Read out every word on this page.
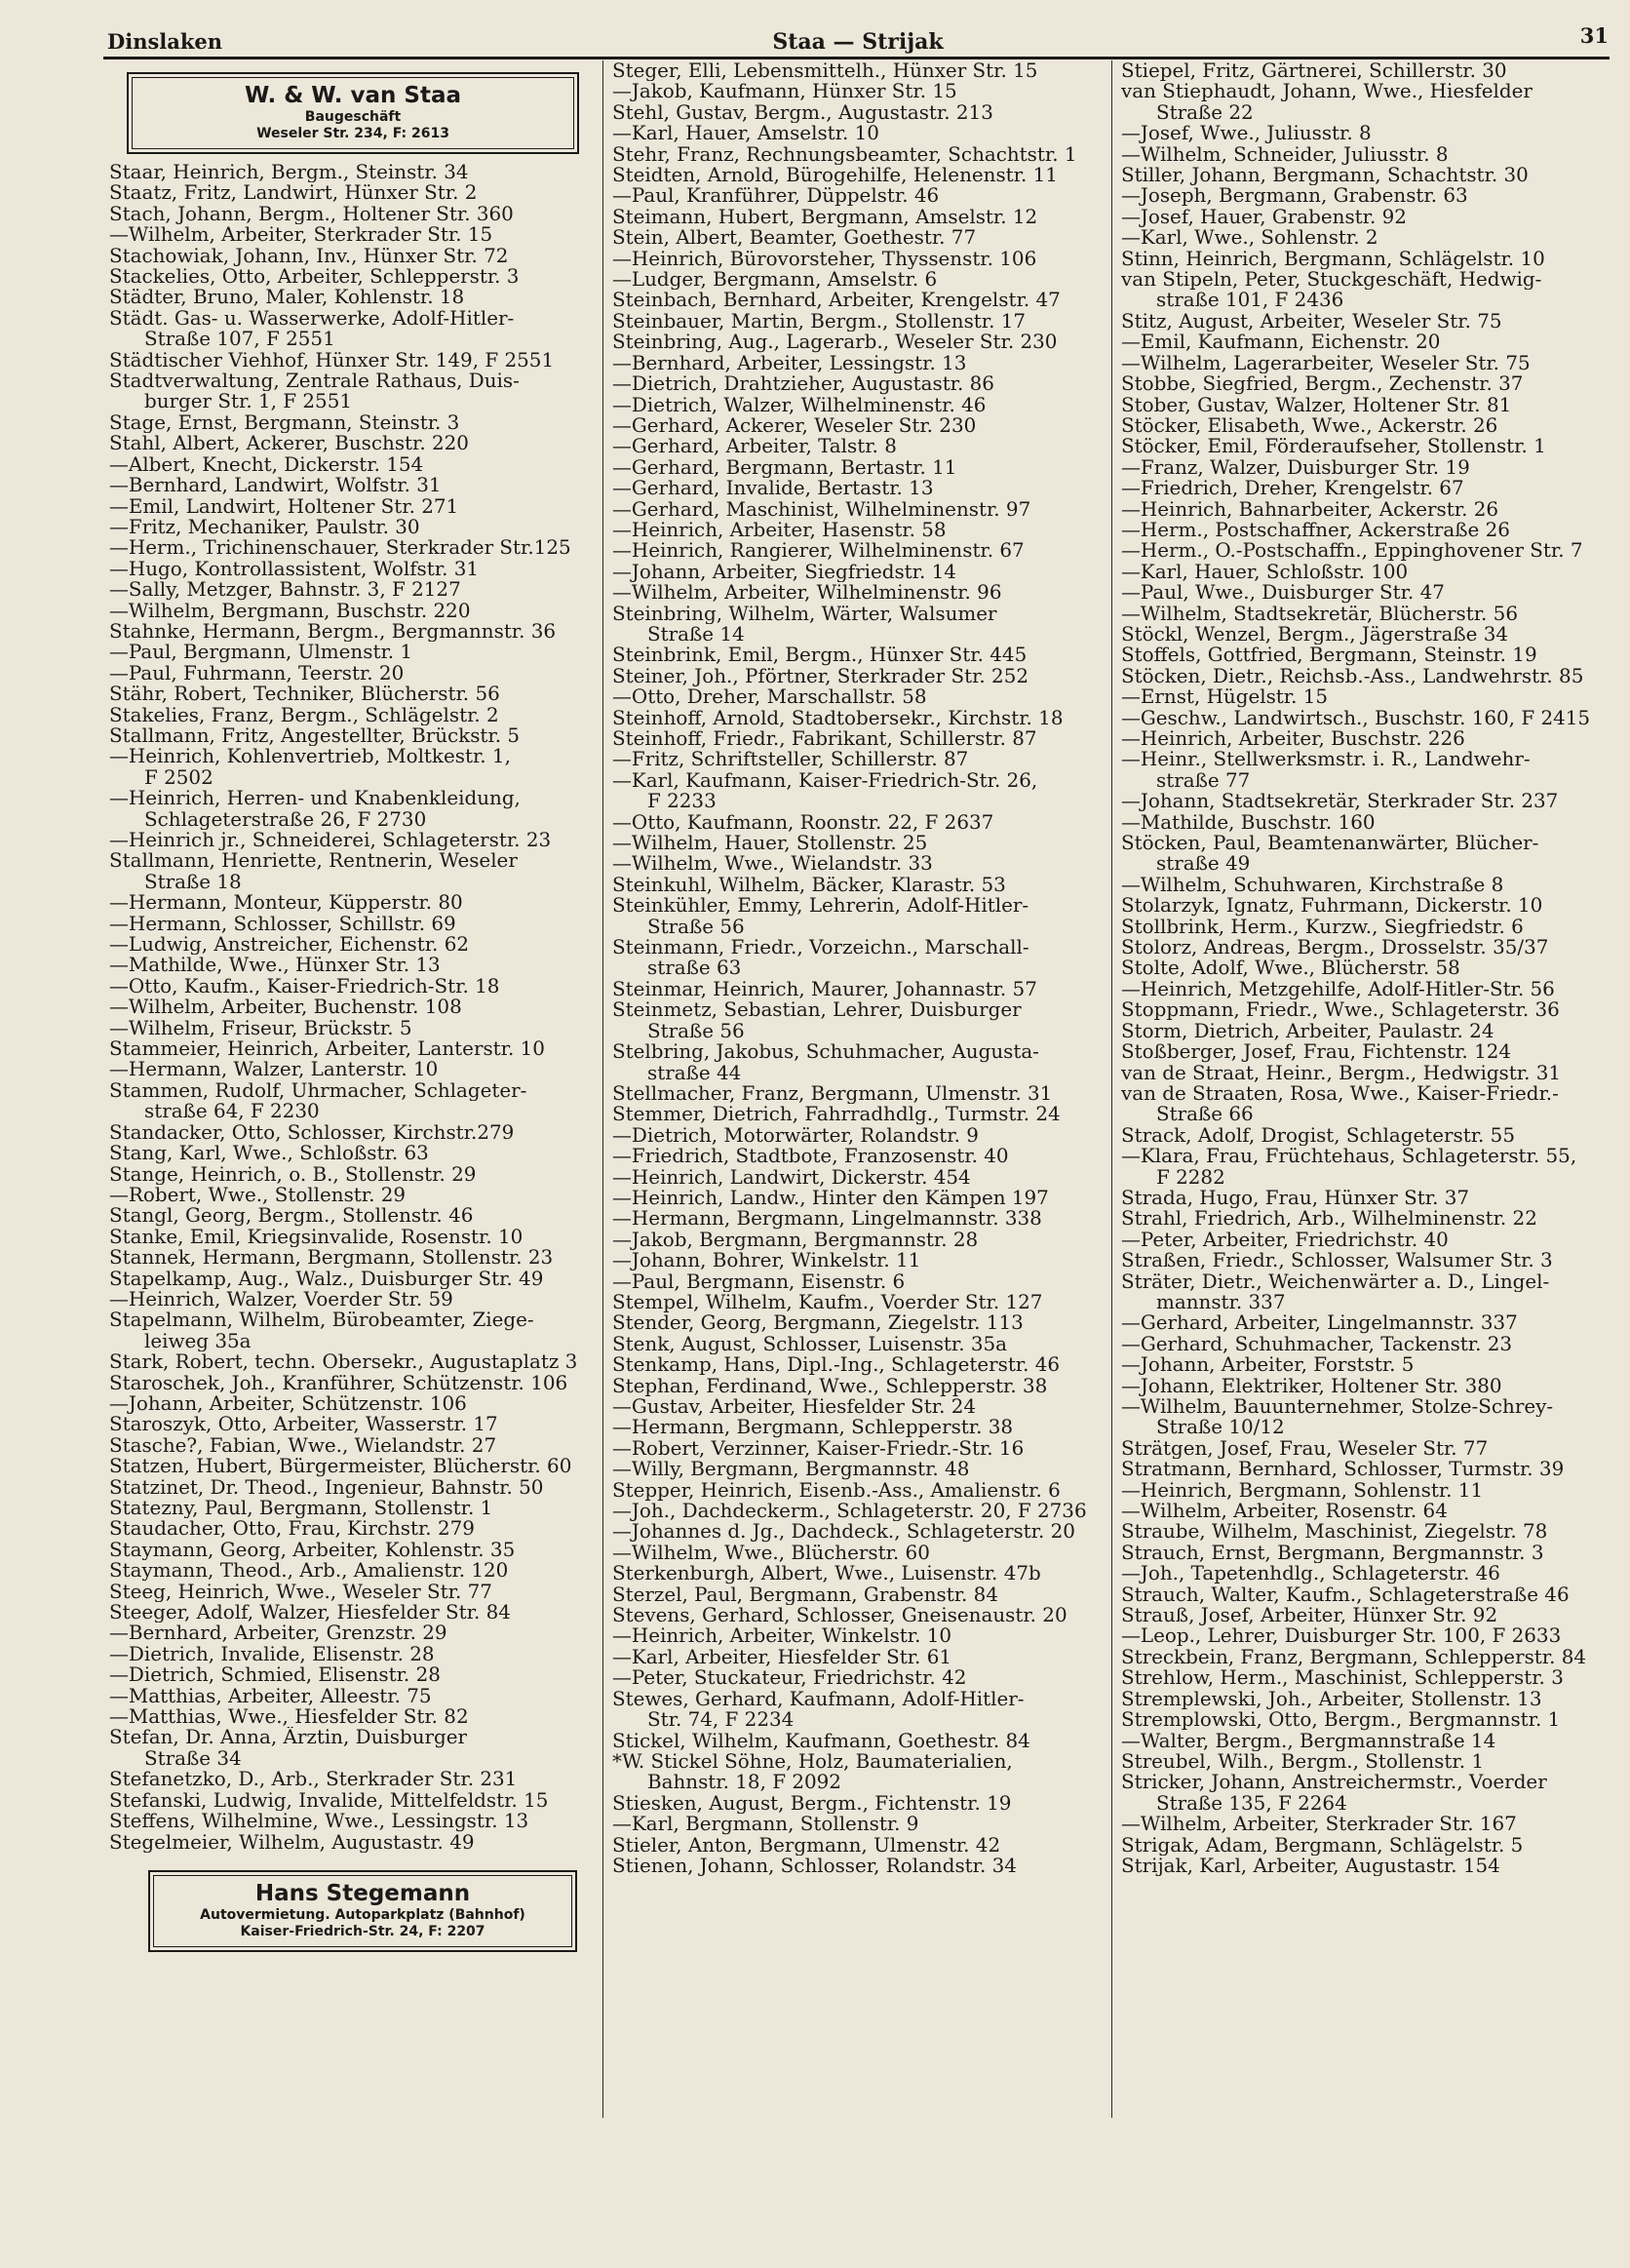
Dinslaken	Staa — Strijak	31
W. & W. van Staa
Baugeschäft
Weseler Str. 234, F: 2613
Staar, Heinrich, Bergm., Steinstr. 34
Staatz, Fritz, Landwirt, Hünxer Str. 2
Stach, Johann, Bergm., Holtener Str. 360
—Wilhelm, Arbeiter, Sterkrader Str. 15
Stachowiak, Johann, Inv., Hünxer Str. 72
Stackelies, Otto, Arbeiter, Schlepperstr. 3
Städter, Bruno, Maler, Kohlenstr. 18
Städt. Gas- u. Wasserwerke, Adolf-Hitler-
Straße 107, F 2551
Städtischer Viehhof, Hünxer Str. 149, F 2551
Stadtverwaltung, Zentrale Rathaus, Duis-
burger Str. 1, F 2551
Stage, Ernst, Bergmann, Steinstr. 3
Stahl, Albert, Ackerer, Buschstr. 220
—Albert, Knecht, Dickerstr. 154
—Bernhard, Landwirt, Wolfstr. 31
—Emil, Landwirt, Holtener Str. 271
—Fritz, Mechaniker, Paulstr. 30
—Herm., Trichinenschauer, Sterkrader Str.125
—Hugo, Kontrollassistent, Wolfstr. 31
—Sally, Metzger, Bahnstr. 3, F 2127
—Wilhelm, Bergmann, Buschstr. 220
Stahnke, Hermann, Bergm., Bergmannstr. 36
—Paul, Bergmann, Ulmenstr. 1
—Paul, Fuhrmann, Teerstr. 20
Stähr, Robert, Techniker, Blücherstr. 56
Stakelies, Franz, Bergm., Schlägelstr. 2
Stallmann, Fritz, Angestellter, Brückstr. 5
—Heinrich, Kohlenvertrieb, Moltkestr. 1,
F 2502
—Heinrich, Herren- und Knabenkleidung,
Schlageterstraße 26, F 2730
—Heinrich jr., Schneiderei, Schlageterstr. 23
Stallmann, Henriette, Rentnerin, Weseler
Straße 18
—Hermann, Monteur, Küpperstr. 80
—Hermann, Schlosser, Schillstr. 69
—Ludwig, Anstreicher, Eichenstr. 62
—Mathilde, Wwe., Hünxer Str. 13
—Otto, Kaufm., Kaiser-Friedrich-Str. 18
—Wilhelm, Arbeiter, Buchenstr. 108
—Wilhelm, Friseur, Brückstr. 5
Stammeier, Heinrich, Arbeiter, Lanterstr. 10
—Hermann, Walzer, Lanterstr. 10
Stammen, Rudolf, Uhrmacher, Schlageter-
straße 64, F 2230
Standacker, Otto, Schlosser, Kirchstr.279
Stang, Karl, Wwe., Schloßstr. 63
Stange, Heinrich, o. B., Stollenstr. 29
—Robert, Wwe., Stollenstr. 29
Stangl, Georg, Bergm., Stollenstr. 46
Stanke, Emil, Kriegsinvalide, Rosenstr. 10
Stannek, Hermann, Bergmann, Stollenstr. 23
Stapelkamp, Aug., Walz., Duisburger Str. 49
—Heinrich, Walzer, Voerder Str. 59
Stapelmann, Wilhelm, Bürobeamter, Ziege-
leiweg 35a
Stark, Robert, techn. Obersekr., Augustaplatz 3
Staroschek, Joh., Kranführer, Schützenstr. 106
—Johann, Arbeiter, Schützenstr. 106
Staroszyk, Otto, Arbeiter, Wasserstr. 17
Stasche?, Fabian, Wwe., Wielandstr. 27
Statzen, Hubert, Bürgermeister, Blücherstr. 60
Statzinet, Dr. Theod., Ingenieur, Bahnstr. 50
Statezny, Paul, Bergmann, Stollenstr. 1
Staudacher, Otto, Frau, Kirchstr. 279
Staymann, Georg, Arbeiter, Kohlenstr. 35
Staymann, Theod., Arb., Amalienstr. 120
Steeg, Heinrich, Wwe., Weseler Str. 77
Steeger, Adolf, Walzer, Hiesfelder Str. 84
—Bernhard, Arbeiter, Grenzstr. 29
—Dietrich, Invalide, Elisenstr. 28
—Dietrich, Schmied, Elisenstr. 28
—Matthias, Arbeiter, Alleestr. 75
—Matthias, Wwe., Hiesfelder Str. 82
Stefan, Dr. Anna, Ärztin, Duisburger
Straße 34
Stefanetzko, D., Arb., Sterkrader Str. 231
Stefanski, Ludwig, Invalide, Mittelfeldstr. 15
Steffens, Wilhelmine, Wwe., Lessingstr. 13
Stegelmeier, Wilhelm, Augustastr. 49
Hans Stegemann
Autovermietung. Autoparkplatz (Bahnhof)
Kaiser-Friedrich-Str. 24, F: 2207
Steger, Elli, Lebensmittelh., Hünxer Str. 15
—Jakob, Kaufmann, Hünxer Str. 15
Stehl, Gustav, Bergm., Augustastr. 213
—Karl, Hauer, Amselstr. 10
Stehr, Franz, Rechnungsbeamter, Schachtstr. 1
Steidten, Arnold, Bürogehilfe, Helenenstr. 11
—Paul, Kranführer, Düppelstr. 46
Steimann, Hubert, Bergmann, Amselstr. 12
Stein, Albert, Beamter, Goethestr. 77
—Heinrich, Bürovorsteher, Thyssenstr. 106
—Ludger, Bergmann, Amselstr. 6
Steinbach, Bernhard, Arbeiter, Krengelstr. 47
Steinbauer, Martin, Bergm., Stollenstr. 17
Steinbring, Aug., Lagerarb., Weseler Str. 230
—Bernhard, Arbeiter, Lessingstr. 13
—Dietrich, Drahtzieher, Augustastr. 86
—Dietrich, Walzer, Wilhelminenstr. 46
—Gerhard, Ackerer, Weseler Str. 230
—Gerhard, Arbeiter, Talstr. 8
—Gerhard, Bergmann, Bertastr. 11
—Gerhard, Invalide, Bertastr. 13
—Gerhard, Maschinist, Wilhelminenstr. 97
—Heinrich, Arbeiter, Hasenstr. 58
—Heinrich, Rangierer, Wilhelminenstr. 67
—Johann, Arbeiter, Siegfriedstr. 14
—Wilhelm, Arbeiter, Wilhelminenstr. 96
Steinbring, Wilhelm, Wärter, Walsumer
Straße 14
Steinbrink, Emil, Bergm., Hünxer Str. 445
Steiner, Joh., Pförtner, Sterkrader Str. 252
—Otto, Dreher, Marschallstr. 58
Steinhoff, Arnold, Stadtobersekr., Kirchstr. 18
Steinhoff, Friedr., Fabrikant, Schillerstr. 87
—Fritz, Schriftsteller, Schillerstr. 87
—Karl, Kaufmann, Kaiser-Friedrich-Str. 26,
F 2233
—Otto, Kaufmann, Roonstr. 22, F 2637
—Wilhelm, Hauer, Stollenstr. 25
—Wilhelm, Wwe., Wielandstr. 33
Steinkuhl, Wilhelm, Bäcker, Klarastr. 53
Steinkühler, Emmy, Lehrerin, Adolf-Hitler-
Straße 56
Steinmann, Friedr., Vorzeichn., Marschall-
straße 63
Steinmar, Heinrich, Maurer, Johannastr. 57
Steinmetz, Sebastian, Lehrer, Duisburger
Straße 56
Stelbring, Jakobus, Schuhmacher, Augusta-
straße 44
Stellmacher, Franz, Bergmann, Ulmenstr. 31
Stemmer, Dietrich, Fahrradhdlg., Turmstr. 24
—Dietrich, Motorwärter, Rolandstr. 9
—Friedrich, Stadtbote, Franzosenstr. 40
—Heinrich, Landwirt, Dickerstr. 454
—Heinrich, Landw., Hinter den Kämpen 197
—Hermann, Bergmann, Lingelmannstr. 338
—Jakob, Bergmann, Bergmannstr. 28
—Johann, Bohrer, Winkelstr. 11
—Paul, Bergmann, Eisenstr. 6
Stempel, Wilhelm, Kaufm., Voerder Str. 127
Stender, Georg, Bergmann, Ziegelstr. 113
Stenk, August, Schlosser, Luisenstr. 35a
Stenkamp, Hans, Dipl.-Ing., Schlageterstr. 46
Stephan, Ferdinand, Wwe., Schlepperstr. 38
—Gustav, Arbeiter, Hiesfelder Str. 24
—Hermann, Bergmann, Schlepperstr. 38
—Robert, Verzinner, Kaiser-Friedr.-Str. 16
—Willy, Bergmann, Bergmannstr. 48
Stepper, Heinrich, Eisenb.-Ass., Amalienstr. 6
—Joh., Dachdeckerm., Schlageterstr. 20, F 2736
—Johannes d. Jg., Dachdeck., Schlageterstr. 20
—Wilhelm, Wwe., Blücherstr. 60
Sterkenburgh, Albert, Wwe., Luisenstr. 47b
Sterzel, Paul, Bergmann, Grabenstr. 84
Stevens, Gerhard, Schlosser, Gneisenaustr. 20
—Heinrich, Arbeiter, Winkelstr. 10
—Karl, Arbeiter, Hiesfelder Str. 61
—Peter, Stuckateur, Friedrichstr. 42
Stewes, Gerhard, Kaufmann, Adolf-Hitler-
Str. 74, F 2234
Stickel, Wilhelm, Kaufmann, Goethestr. 84
*W. Stickel Söhne, Holz, Baumaterialien,
Bahnstr. 18, F 2092
Stiesken, August, Bergm., Fichtenstr. 19
—Karl, Bergmann, Stollenstr. 9
Stieler, Anton, Bergmann, Ulmenstr. 42
Stienen, Johann, Schlosser, Rolandstr. 34
Stiepel, Fritz, Gärtnerei, Schillerstr. 30
van Stiephaudt, Johann, Wwe., Hiesfelder
Straße 22
—Josef, Wwe., Juliusstr. 8
—Wilhelm, Schneider, Juliusstr. 8
Stiller, Johann, Bergmann, Schachtstr. 30
—Joseph, Bergmann, Grabenstr. 63
—Josef, Hauer, Grabenstr. 92
—Karl, Wwe., Sohlenstr. 2
Stinn, Heinrich, Bergmann, Schlägelstr. 10
van Stipeln, Peter, Stuckgeschäft, Hedwig-
straße 101, F 2436
Stitz, August, Arbeiter, Weseler Str. 75
—Emil, Kaufmann, Eichenstr. 20
—Wilhelm, Lagerarbeiter, Weseler Str. 75
Stobbe, Siegfried, Bergm., Zechenstr. 37
Stober, Gustav, Walzer, Holtener Str. 81
Stöcker, Elisabeth, Wwe., Ackerstr. 26
Stöcker, Emil, Förderaufseher, Stollenstr. 1
—Franz, Walzer, Duisburger Str. 19
—Friedrich, Dreher, Krengelstr. 67
—Heinrich, Bahnarbeiter, Ackerstr. 26
—Herm., Postschaffner, Ackerstraße 26
—Herm., O.-Postschaffn., Eppinghovener Str. 7
—Karl, Hauer, Schloßstr. 100
—Paul, Wwe., Duisburger Str. 47
—Wilhelm, Stadtsekretär, Blücherstr. 56
Stöckl, Wenzel, Bergm., Jägerstraße 34
Stoffels, Gottfried, Bergmann, Steinstr. 19
Stöcken, Dietr., Reichsb.-Ass., Landwehrstr. 85
—Ernst, Hügelstr. 15
—Geschw., Landwirtsch., Buschstr. 160, F 2415
—Heinrich, Arbeiter, Buschstr. 226
—Heinr., Stellwerksmstr. i. R., Landwehr-
straße 77
—Johann, Stadtsekretär, Sterkrader Str. 237
—Mathilde, Buschstr. 160
Stöcken, Paul, Beamtenanwärter, Blücher-
straße 49
—Wilhelm, Schuhwaren, Kirchstraße 8
Stolarzyk, Ignatz, Fuhrmann, Dickerstr. 10
Stollbrink, Herm., Kurzw., Siegfriedstr. 6
Stolorz, Andreas, Bergm., Drosselstr. 35/37
Stolte, Adolf, Wwe., Blücherstr. 58
—Heinrich, Metzgehilfe, Adolf-Hitler-Str. 56
Stoppmann, Friedr., Wwe., Schlageterstr. 36
Storm, Dietrich, Arbeiter, Paulastr. 24
Stoßberger, Josef, Frau, Fichtenstr. 124
van de Straat, Heinr., Bergm., Hedwigstr. 31
van de Straaten, Rosa, Wwe., Kaiser-Friedr.-
Straße 66
Strack, Adolf, Drogist, Schlageterstr. 55
—Klara, Frau, Früchtehaus, Schlageterstr. 55,
F 2282
Strada, Hugo, Frau, Hünxer Str. 37
Strahl, Friedrich, Arb., Wilhelminenstr. 22
—Peter, Arbeiter, Friedrichstr. 40
Straßen, Friedr., Schlosser, Walsumer Str. 3
Sträter, Dietr., Weichenwärter a. D., Lingel-
mannstr. 337
—Gerhard, Arbeiter, Lingelmannstr. 337
—Gerhard, Schuhmacher, Tackenstr. 23
—Johann, Arbeiter, Forststr. 5
—Johann, Elektriker, Holtener Str. 380
—Wilhelm, Bauunternehmer, Stolze-Schrey-
Straße 10/12
Strätgen, Josef, Frau, Weseler Str. 77
Stratmann, Bernhard, Schlosser, Turmstr. 39
—Heinrich, Bergmann, Sohlenstr. 11
—Wilhelm, Arbeiter, Rosenstr. 64
Straube, Wilhelm, Maschinist, Ziegelstr. 78
Strauch, Ernst, Bergmann, Bergmannstr. 3
—Joh., Tapetenhdlg., Schlageterstr. 46
Strauch, Walter, Kaufm., Schlageterstraße 46
Strauß, Josef, Arbeiter, Hünxer Str. 92
—Leop., Lehrer, Duisburger Str. 100, F 2633
Streckbein, Franz, Bergmann, Schlepperstr. 84
Strehlow, Herm., Maschinist, Schlepperstr. 3
Stremplewski, Joh., Arbeiter, Stollenstr. 13
Stremplowski, Otto, Bergm., Bergmannstr. 1
—Walter, Bergm., Bergmannstraße 14
Streubel, Wilh., Bergm., Stollenstr. 1
Stricker, Johann, Anstreichermstr., Voerder
Straße 135, F 2264
—Wilhelm, Arbeiter, Sterkrader Str. 167
Strigak, Adam, Bergmann, Schlägelstr. 5
Strijak, Karl, Arbeiter, Augustastr. 154
